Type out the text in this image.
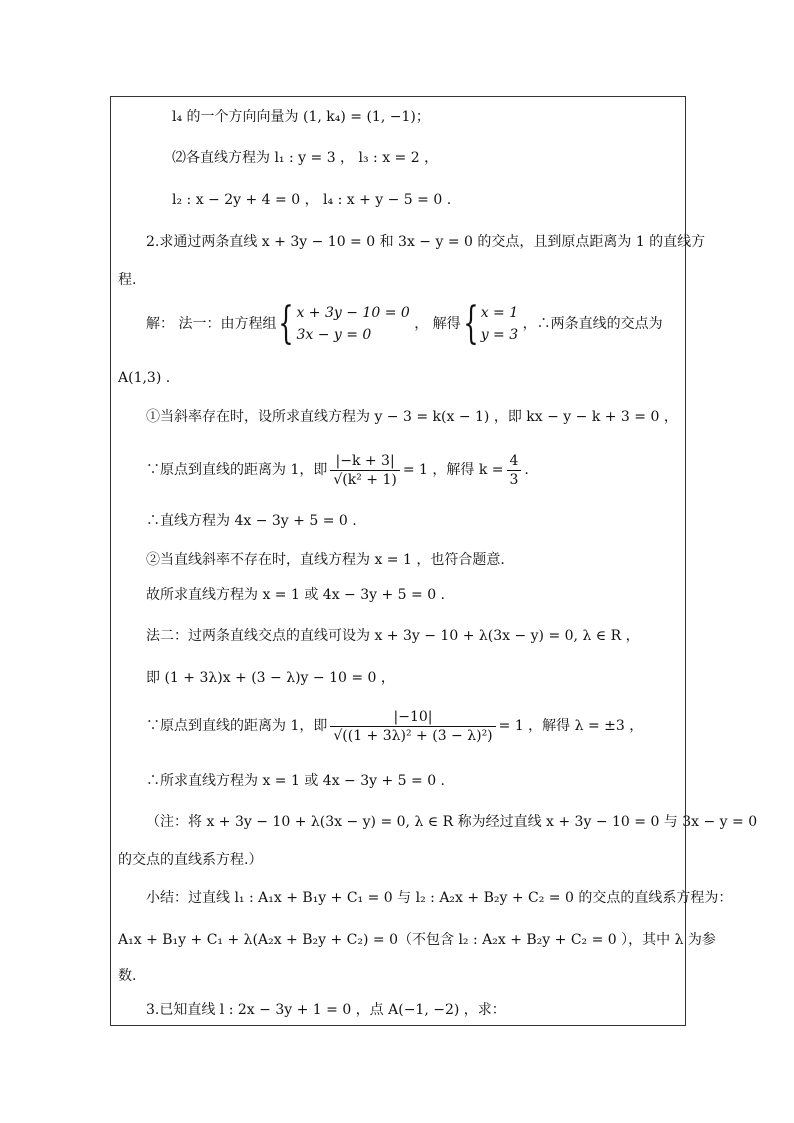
l₄ 的一个方向向量为 (1, k₄) = (1, −1)；
⑵各直线方程为 l₁ : y = 3 ， l₃ : x = 2 ，
l₂ : x − 2y + 4 = 0 ， l₄ : x + y − 5 = 0 .
2.求通过两条直线 x + 3y − 10 = 0 和 3x − y = 0 的交点，且到原点距离为 1 的直线方
程.
解： 法一：由方程组{ x + 3y − 10 = 0
3x − y = 0
， 解得{ x = 1
y = 3
，∴两条直线的交点为
A(1,3) .
①当斜率存在时，设所求直线方程为 y − 3 = k(x − 1) ，即 kx − y − k + 3 = 0 ，
∵原点到直线的距离为 1，即 $\frac{|-k + 3|}{\text{√(k² + 1)}} = 1$ ，解得 $k = \frac{4}{3}$ .
∴直线方程为 4x − 3y + 5 = 0 .
②当直线斜率不存在时，直线方程为 x = 1 ，也符合题意.
故所求直线方程为 x = 1 或 4x − 3y + 5 = 0 .
法二：过两条直线交点的直线可设为 x + 3y − 10 + λ(3x − y) = 0, λ ∈ R ，
即 (1 + 3λ)x + (3 − λ)y − 10 = 0 ，
∵原点到直线的距离为 1，即 $\frac{|-10|}{\text{√((1 + 3λ)² + (3 − λ)²)}} = 1$ ，解得 λ = ±3 ，
∴所求直线方程为 x = 1 或 4x − 3y + 5 = 0 .
（注：将 x + 3y − 10 + λ(3x − y) = 0, λ ∈ R 称为经过直线 x + 3y − 10 = 0 与 3x − y = 0
的交点的直线系方程.）
小结：过直线 l₁ : A₁x + B₁y + C₁ = 0 与 l₂ : A₂x + B₂y + C₂ = 0 的交点的直线系方程为：
A₁x + B₁y + C₁ + λ(A₂x + B₂y + C₂) = 0（不包含 l₂ : A₂x + B₂y + C₂ = 0 ），其中 λ 为参
数.
3.已知直线 l : 2x − 3y + 1 = 0 ，点 A(−1, −2) ，求：
